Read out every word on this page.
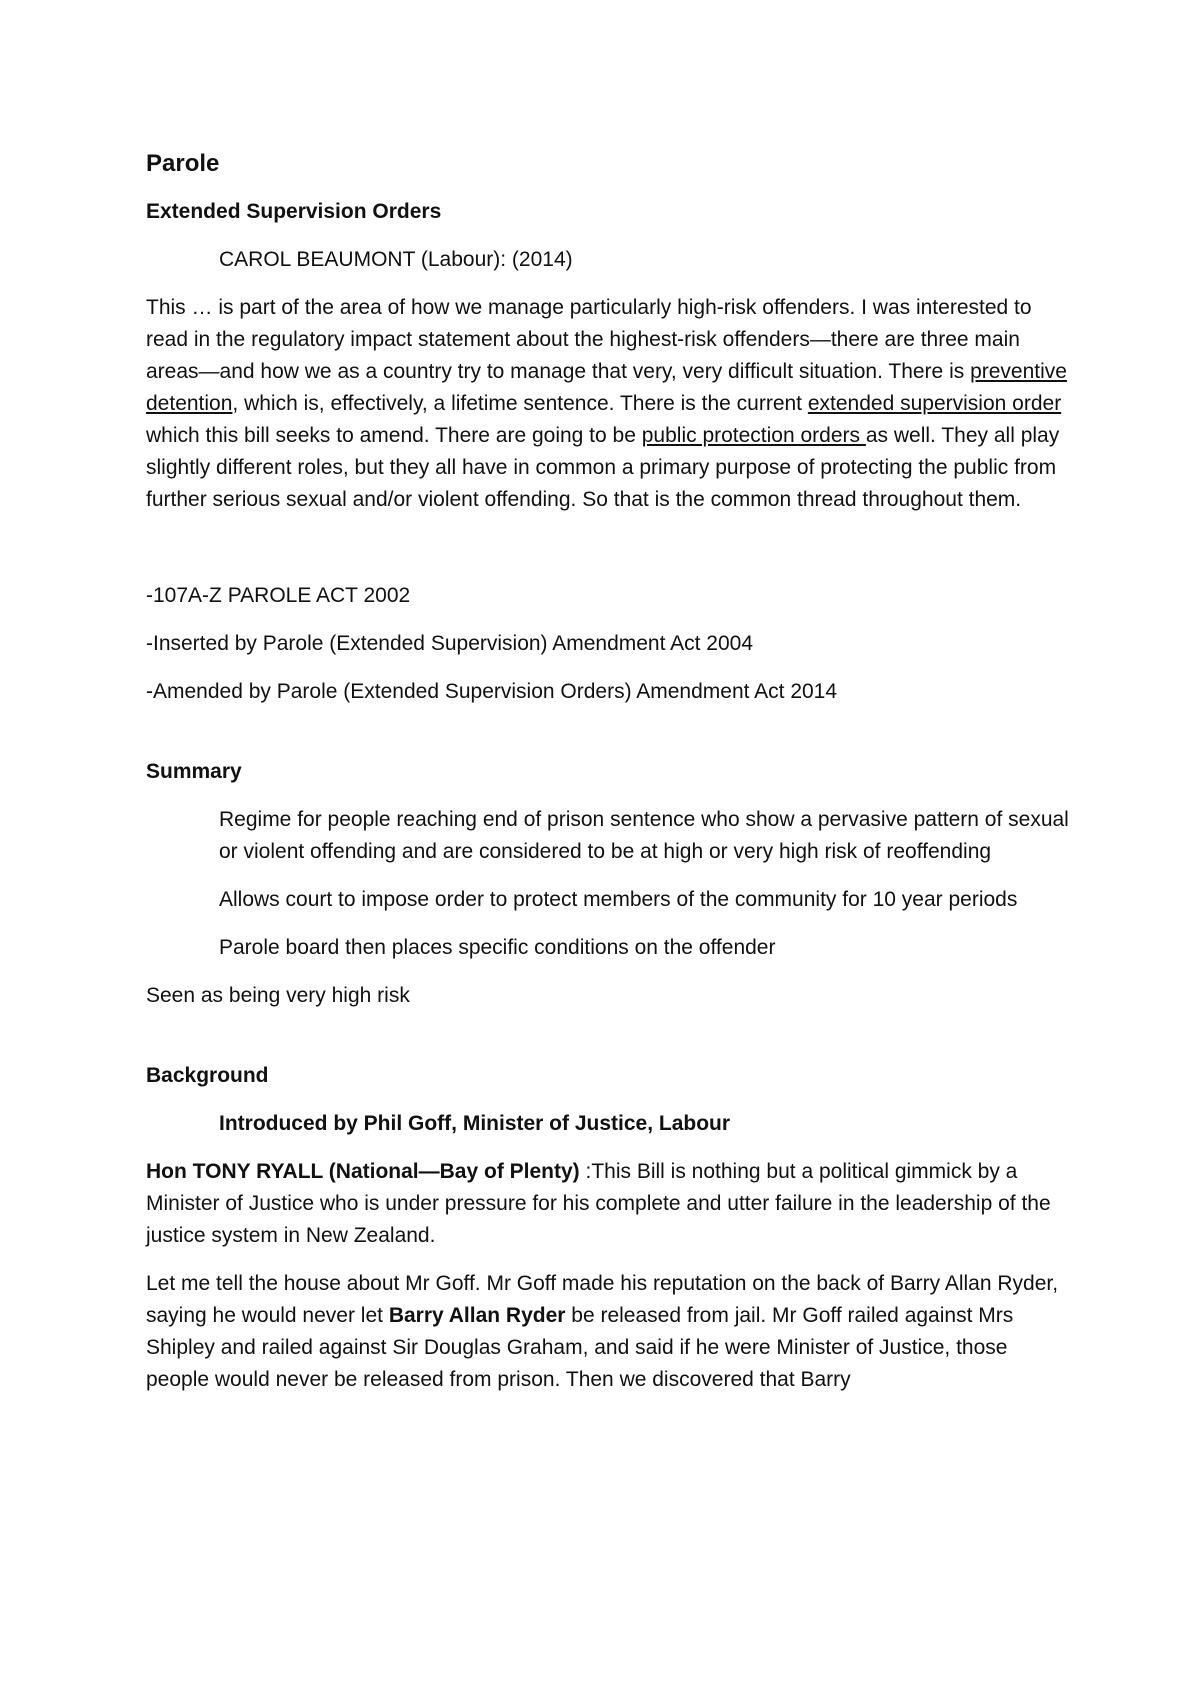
Parole
Extended Supervision Orders
CAROL BEAUMONT (Labour): (2014)

This … is part of the area of how we manage particularly high-risk offenders. I was interested to read in the regulatory impact statement about the highest-risk offenders—there are three main areas—and how we as a country try to manage that very, very difficult situation. There is preventive detention, which is, effectively, a lifetime sentence. There is the current extended supervision order which this bill seeks to amend. There are going to be public protection orders as well. They all play slightly different roles, but they all have in common a primary purpose of protecting the public from further serious sexual and/or violent offending. So that is the common thread throughout them.

-107A-Z PAROLE ACT 2002

-Inserted by Parole (Extended Supervision) Amendment Act 2004

-Amended by Parole (Extended Supervision Orders) Amendment Act 2014

Summary
Regime for people reaching end of prison sentence who show a pervasive pattern of sexual or violent offending and are considered to be at high or very high risk of reoffending
Allows court to impose order to protect members of the community for 10 year periods
Parole board then places specific conditions on the offender

Seen as being very high risk

Background
Introduced by Phil Goff, Minister of Justice, Labour

Hon TONY RYALL (National—Bay of Plenty) :This Bill is nothing but a political gimmick by a Minister of Justice who is under pressure for his complete and utter failure in the leadership of the justice system in New Zealand.

Let me tell the house about Mr Goff. Mr Goff made his reputation on the back of Barry Allan Ryder, saying he would never let Barry Allan Ryder be released from jail. Mr Goff railed against Mrs Shipley and railed against Sir Douglas Graham, and said if he were Minister of Justice, those people would never be released from prison. Then we discovered that Barry
